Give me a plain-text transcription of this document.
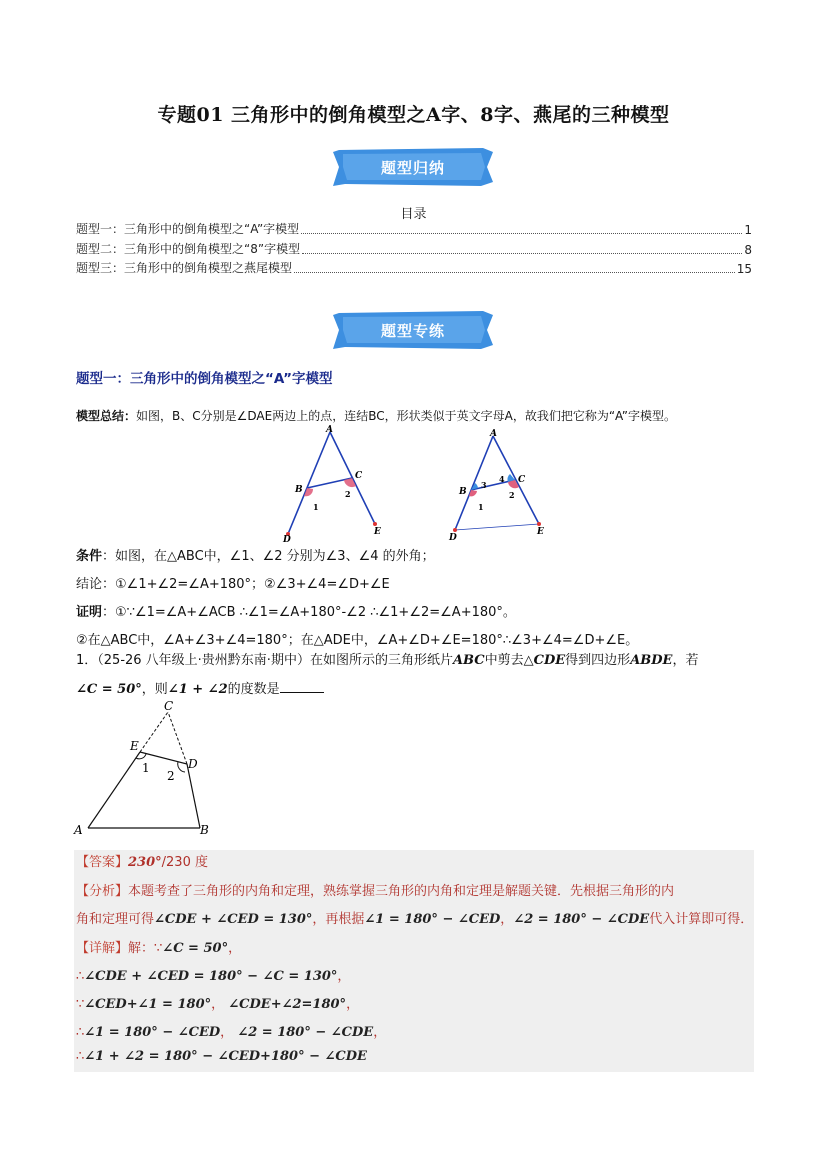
专题01 三角形中的倒角模型之A字、8字、燕尾的三种模型
题型归纳
目录
题型一：三角形中的倒角模型之“A”字模型	1
题型二：三角形中的倒角模型之“8”字模型	8
题型三：三角形中的倒角模型之燕尾模型	15
题型专练
题型一：三角形中的倒角模型之“A”字模型
模型总结：如图，B、C分别是∠DAE两边上的点，连结BC，形状类似于英文字母A，故我们把它称为“A”字模型。
A
B
C
D
E
1
2
A
B
C
D
E
1
2
3
4
条件：如图，在△ABC中，∠1、∠2 分别为∠3、∠4 的外角；
结论：①∠1+∠2=∠A+180°；②∠3+∠4=∠D+∠E
证明：①∵∠1=∠A+∠ACB ∴∠1=∠A+180°-∠2 ∴∠1+∠2=∠A+180°。
②在△ABC中，∠A+∠3+∠4=180°；在△ADE中，∠A+∠D+∠E=180°∴∠3+∠4=∠D+∠E。
1．（25-26 八年级上·贵州黔东南·期中）在如图所示的三角形纸片ABC中剪去△CDE得到四边形ABDE，若
∠C = 50°，则∠1 + ∠2的度数是
C
E
D
A	B
1
2
【答案】230°/230 度
【分析】本题考查了三角形的内角和定理，熟练掌握三角形的内角和定理是解题关键．先根据三角形的内
角和定理可得∠CDE + ∠CED = 130°，再根据∠1 = 180° − ∠CED，∠2 = 180° − ∠CDE代入计算即可得．
【详解】解：∵∠C = 50°，
∴∠CDE + ∠CED = 180° − ∠C = 130°，
∵∠CED+∠1 = 180°， ∠CDE+∠2=180°，
∴∠1 = 180° − ∠CED， ∠2 = 180° − ∠CDE，
∴∠1 + ∠2 = 180° − ∠CED+180° − ∠CDE
